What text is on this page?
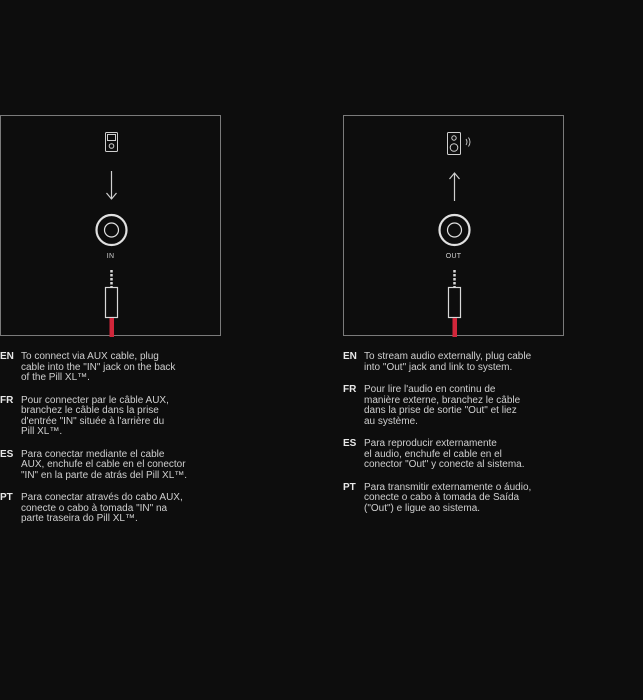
IN	OUT
EN To connect via AUX cable, plug
cable into the "IN" jack on the back
of the Pill XL™.
FR Pour connecter par le câble AUX,
branchez le câble dans la prise
d'entrée "IN" située à l'arrière du
Pill XL™.
ES Para conectar mediante el cable
AUX, enchufe el cable en el conector
"IN" en la parte de atrás del Pill XL™.
PT Para conectar através do cabo AUX,
conecte o cabo à tomada "IN" na
parte traseira do Pill XL™.
EN To stream audio externally, plug cable
into "Out" jack and link to system.
FR Pour lire l'audio en continu de
manière externe, branchez le câble
dans la prise de sortie "Out" et liez
au système.
ES Para reproducir externamente
el audio, enchufe el cable en el
conector "Out" y conecte al sistema.
PT Para transmitir externamente o áudio,
conecte o cabo à tomada de Saída
("Out") e ligue ao sistema.
